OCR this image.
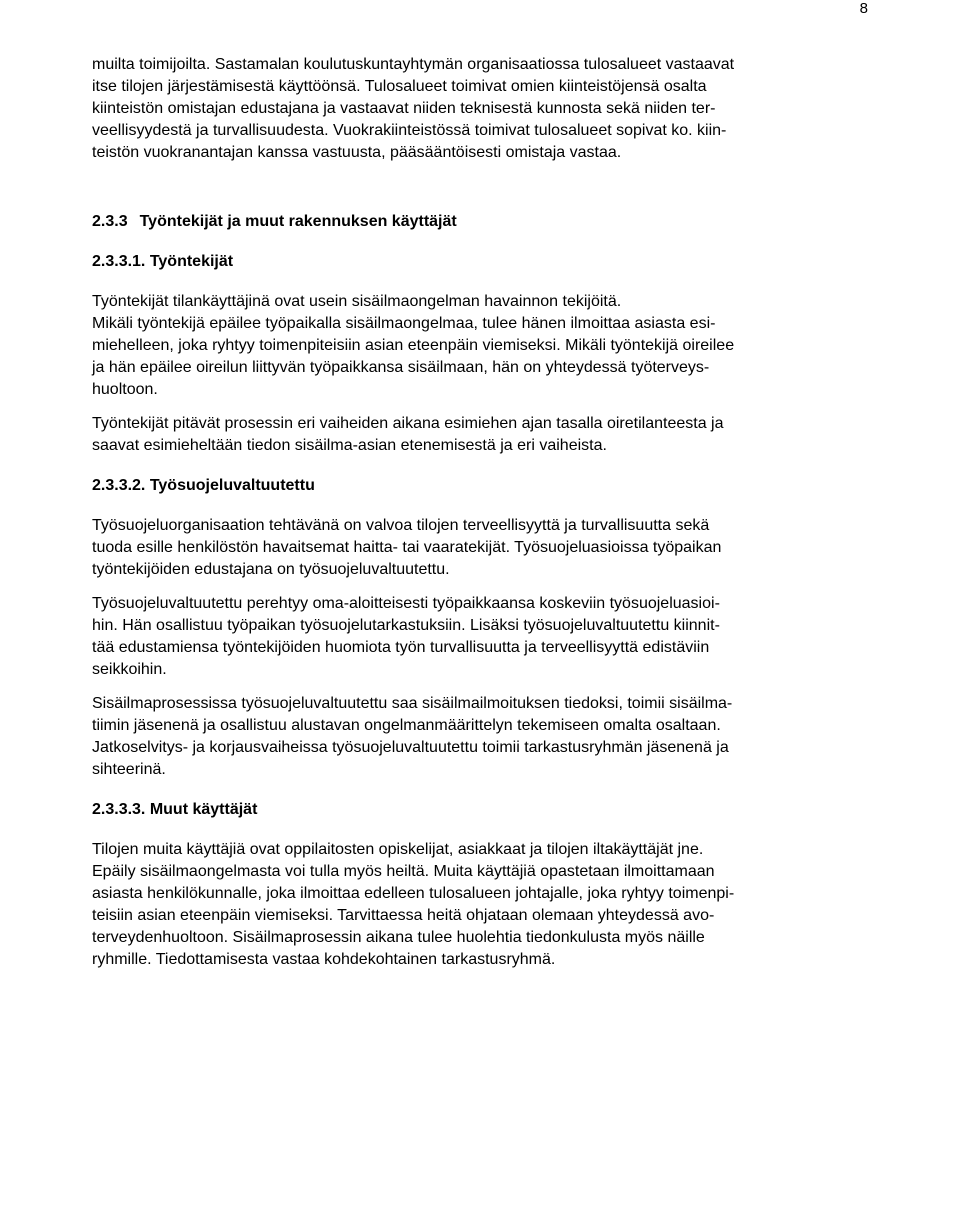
8
muilta toimijoilta. Sastamalan koulutuskuntayhtymän organisaatiossa tulosalueet vastaavat
itse tilojen järjestämisestä käyttöönsä. Tulosalueet toimivat omien kiinteistöjensä osalta
kiinteistön omistajan edustajana ja vastaavat niiden teknisestä kunnosta sekä niiden ter-
veellisyydestä ja turvallisuudesta. Vuokrakiinteistössä toimivat tulosalueet sopivat ko. kiin-
teistön vuokranantajan kanssa vastuusta, pääsääntöisesti omistaja vastaa.
2.3.3 Työntekijät ja muut rakennuksen käyttäjät
2.3.3.1. Työntekijät
Työntekijät tilankäyttäjinä ovat usein sisäilmaongelman havainnon tekijöitä.
Mikäli työntekijä epäilee työpaikalla sisäilmaongelmaa, tulee hänen ilmoittaa asiasta esi-
miehelleen, joka ryhtyy toimenpiteisiin asian eteenpäin viemiseksi. Mikäli työntekijä oireilee
ja hän epäilee oireilun liittyvän työpaikkansa sisäilmaan, hän on yhteydessä työterveys-
huoltoon.
Työntekijät pitävät prosessin eri vaiheiden aikana esimiehen ajan tasalla oiretilanteesta ja
saavat esimieheltään tiedon sisäilma-asian etenemisestä ja eri vaiheista.
2.3.3.2. Työsuojeluvaltuutettu
Työsuojeluorganisaation tehtävänä on valvoa tilojen terveellisyyttä ja turvallisuutta sekä
tuoda esille henkilöstön havaitsemat haitta- tai vaaratekijät. Työsuojeluasioissa työpaikan
työntekijöiden edustajana on työsuojeluvaltuutettu.
Työsuojeluvaltuutettu perehtyy oma-aloitteisesti työpaikkaansa koskeviin työsuojeluasioi-
hin. Hän osallistuu työpaikan työsuojelutarkastuksiin. Lisäksi työsuojeluvaltuutettu kiinnit-
tää edustamiensa työntekijöiden huomiota työn turvallisuutta ja terveellisyyttä edistäviin
seikkoihin.
Sisäilmaprosessissa työsuojeluvaltuutettu saa sisäilmailmoituksen tiedoksi, toimii sisäilma-
tiimin jäsenenä ja osallistuu alustavan ongelmanmäärittelyn tekemiseen omalta osaltaan.
Jatkoselvitys- ja korjausvaiheissa työsuojeluvaltuutettu toimii tarkastusryhmän jäsenenä ja
sihteerinä.
2.3.3.3. Muut käyttäjät
Tilojen muita käyttäjiä ovat oppilaitosten opiskelijat, asiakkaat ja tilojen iltakäyttäjät jne.
Epäily sisäilmaongelmasta voi tulla myös heiltä. Muita käyttäjiä opastetaan ilmoittamaan
asiasta henkilökunnalle, joka ilmoittaa edelleen tulosalueen johtajalle, joka ryhtyy toimenpi-
teisiin asian eteenpäin viemiseksi. Tarvittaessa heitä ohjataan olemaan yhteydessä avo-
terveydenhuoltoon. Sisäilmaprosessin aikana tulee huolehtia tiedonkulusta myös näille
ryhmille. Tiedottamisesta vastaa kohdekohtainen tarkastusryhmä.
